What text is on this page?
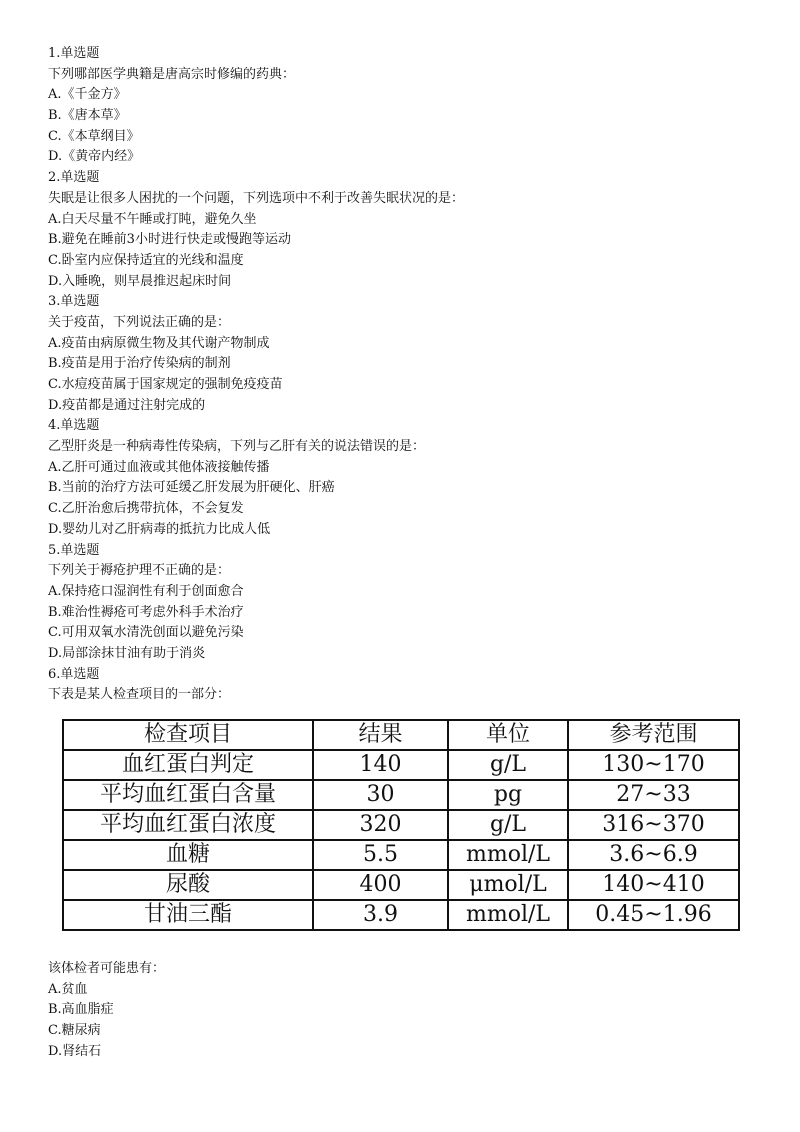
1.单选题
下列哪部医学典籍是唐高宗时修编的药典：
A.《千金方》
B.《唐本草》
C.《本草纲目》
D.《黄帝内经》
2.单选题
失眠是让很多人困扰的一个问题，下列选项中不利于改善失眠状况的是：
A.白天尽量不午睡或打盹，避免久坐
B.避免在睡前3小时进行快走或慢跑等运动
C.卧室内应保持适宜的光线和温度
D.入睡晚，则早晨推迟起床时间
3.单选题
关于疫苗，下列说法正确的是：
A.疫苗由病原微生物及其代谢产物制成
B.疫苗是用于治疗传染病的制剂
C.水痘疫苗属于国家规定的强制免疫疫苗
D.疫苗都是通过注射完成的
4.单选题
乙型肝炎是一种病毒性传染病，下列与乙肝有关的说法错误的是：
A.乙肝可通过血液或其他体液接触传播
B.当前的治疗方法可延缓乙肝发展为肝硬化、肝癌
C.乙肝治愈后携带抗体，不会复发
D.婴幼儿对乙肝病毒的抵抗力比成人低
5.单选题
下列关于褥疮护理不正确的是：
A.保持疮口湿润性有利于创面愈合
B.难治性褥疮可考虑外科手术治疗
C.可用双氧水清洗创面以避免污染
D.局部涂抹甘油有助于消炎
6.单选题
下表是某人检查项目的一部分：
检查项目	结果	单位	参考范围
血红蛋白判定	140	g/L	130~170
平均血红蛋白含量	30	pg	27~33
平均血红蛋白浓度	320	g/L	316~370
血糖	5.5	mmol/L	3.6~6.9
尿酸	400	μmol/L	140~410
甘油三酯	3.9	mmol/L	0.45~1.96
该体检者可能患有：
A.贫血
B.高血脂症
C.糖尿病
D.肾结石
